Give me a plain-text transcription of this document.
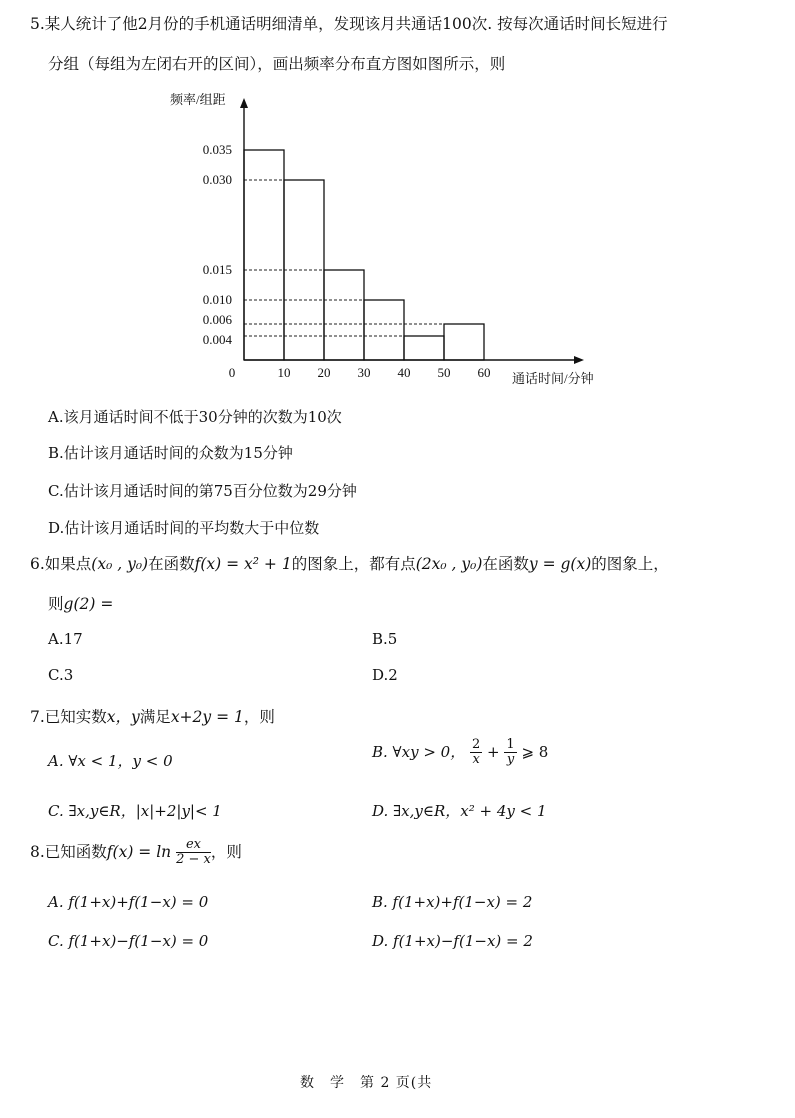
5.某人统计了他2月份的手机通话明细清单，发现该月共通话100次. 按每次通话时间长短进行
分组（每组为左闭右开的区间），画出频率分布直方图如图所示，则
频率/组距
通话时间/分钟
0	10 20 30 40 50 60
0.035
0.030
0.015
0.010
0.006
0.004
A.该月通话时间不低于30分钟的次数为10次
B.估计该月通话时间的众数为15分钟
C.估计该月通话时间的第75百分位数为29分钟
D.估计该月通话时间的平均数大于中位数
6.如果点(x₀ , y₀)在函数f(x) = x² + 1的图象上，都有点(2x₀ , y₀)在函数y = g(x)的图象上，
则g(2) =
A.17	B.5
C.3	D.2
7.已知实数x，y满足x+2y = 1，则
A. ∀x < 1，y < 0
B. ∀xy > 0， $\frac{2}{x} + \frac{1}{y}$ ⩾ 8
C. ∃x,y∈R，|x|+2|y|< 1	D. ∃x,y∈R，x² + 4y < 1
8.已知函数$f(x) = \ln \frac{ex}{2 - x}$ ，则
A. f(1+x)+f(1−x) = 0	B. f(1+x)+f(1−x) = 2
C. f(1+x)−f(1−x) = 0	D. f(1+x)−f(1−x) = 2
数　学　第 2 页(共
